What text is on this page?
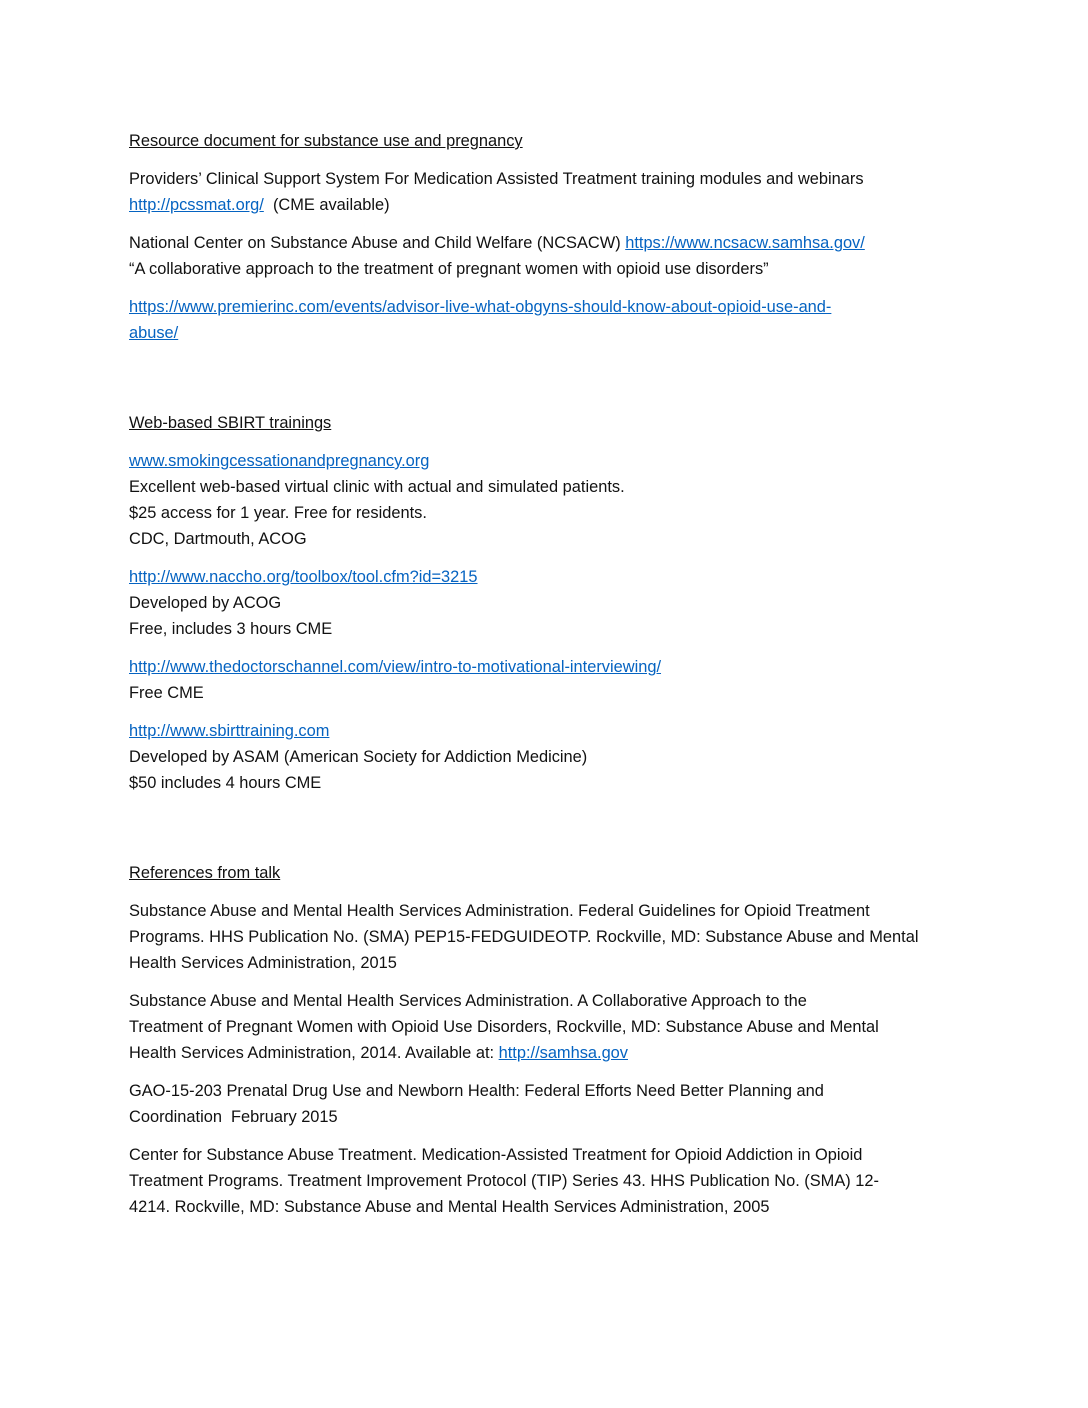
Resource document for substance use and pregnancy
Providers’ Clinical Support System For Medication Assisted Treatment training modules and webinars
http://pcssmat.org/ (CME available)
National Center on Substance Abuse and Child Welfare (NCSACW) https://www.ncsacw.samhsa.gov/
“A collaborative approach to the treatment of pregnant women with opioid use disorders”
https://www.premierinc.com/events/advisor-live-what-obgyns-should-know-about-opioid-use-and-
abuse/
Web-based SBIRT trainings
www.smokingcessationandpregnancy.org
Excellent web-based virtual clinic with actual and simulated patients.
$25 access for 1 year. Free for residents.
CDC, Dartmouth, ACOG
http://www.naccho.org/toolbox/tool.cfm?id=3215
Developed by ACOG
Free, includes 3 hours CME
http://www.thedoctorschannel.com/view/intro-to-motivational-interviewing/
Free CME
http://www.sbirttraining.com
Developed by ASAM (American Society for Addiction Medicine)
$50 includes 4 hours CME
References from talk
Substance Abuse and Mental Health Services Administration. Federal Guidelines for Opioid Treatment
Programs. HHS Publication No. (SMA) PEP15-FEDGUIDEOTP. Rockville, MD: Substance Abuse and Mental
Health Services Administration, 2015
Substance Abuse and Mental Health Services Administration. A Collaborative Approach to the
Treatment of Pregnant Women with Opioid Use Disorders, Rockville, MD: Substance Abuse and Mental
Health Services Administration, 2014. Available at: http://samhsa.gov
GAO-15-203 Prenatal Drug Use and Newborn Health: Federal Efforts Need Better Planning and
Coordination  February 2015
Center for Substance Abuse Treatment. Medication-Assisted Treatment for Opioid Addiction in Opioid
Treatment Programs. Treatment Improvement Protocol (TIP) Series 43. HHS Publication No. (SMA) 12-
4214. Rockville, MD: Substance Abuse and Mental Health Services Administration, 2005
